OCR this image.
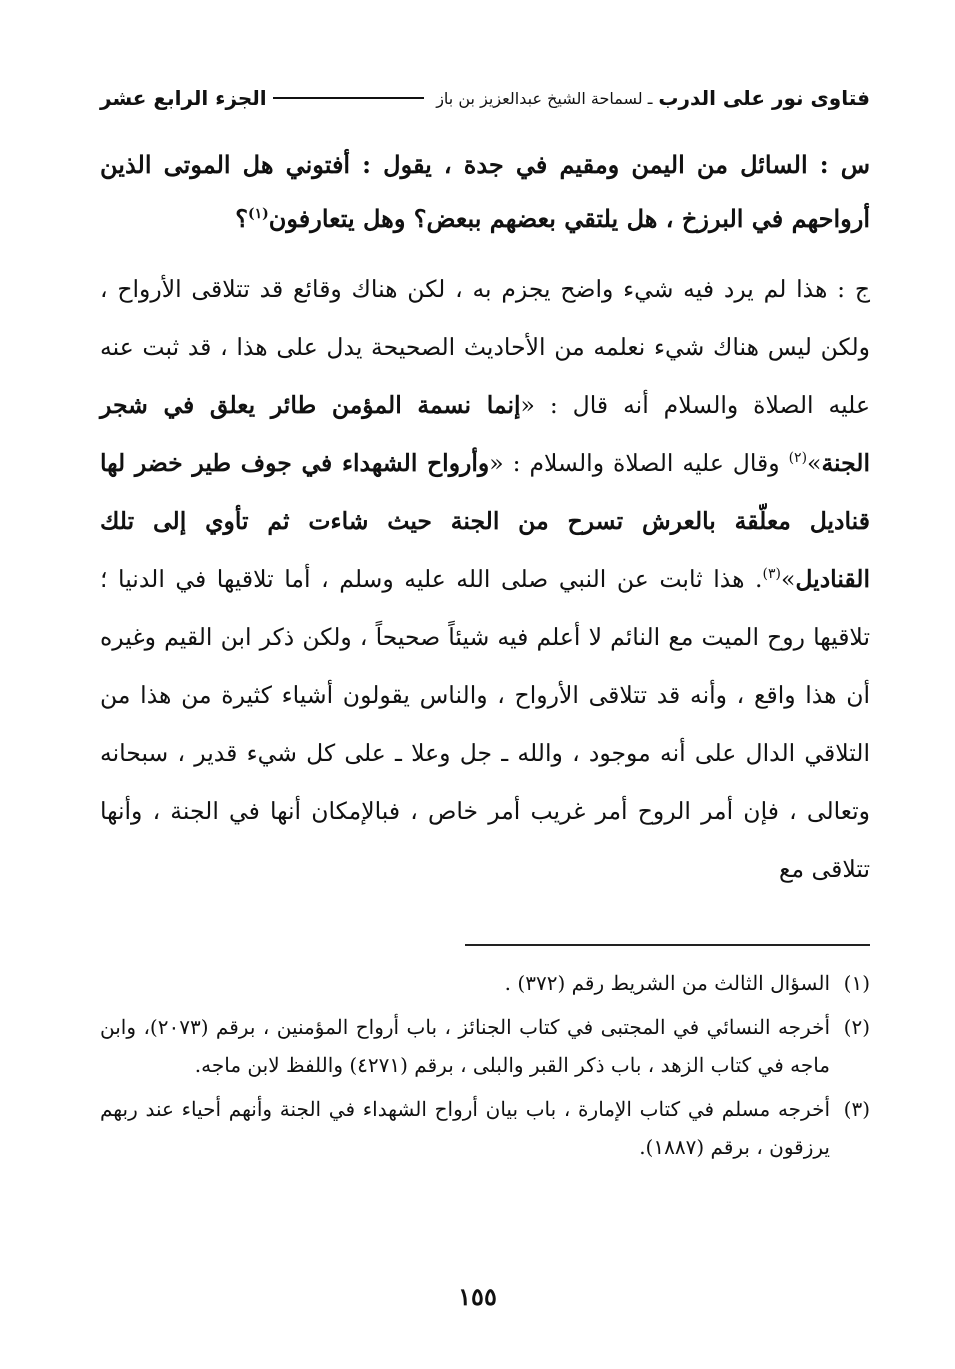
فتاوى نور على الدرب
ـ لسماحة الشيخ عبدالعزيز بن باز
الجزء الرابع عشر

س : السائل من اليمن ومقيم في جدة ، يقول : أفتوني هل الموتى الذين أرواحهم في البرزخ ، هل يلتقي بعضهم ببعض؟ وهل يتعارفون$^{(١)}$؟

ج : هذا لم يرد فيه شيء واضح يجزم به ، لكن هناك وقائع قد تتلاقى الأرواح ، ولكن ليس هناك شيء نعلمه من الأحاديث الصحيحة يدل على هذا ، قد ثبت عنه عليه الصلاة والسلام أنه قال : «إنما نسمة المؤمن طائر يعلق في شجر الجنة»$^{(٢)}$ وقال عليه الصلاة والسلام : «وأرواح الشهداء في جوف طير خضر لها قناديل معلّقة بالعرش تسرح من الجنة حيث شاءت ثم تأوي إلى تلك القناديل»$^{(٣)}$. هذا ثابت عن النبي صلى الله عليه وسلم ، أما تلاقيها في الدنيا ؛ تلاقيها روح الميت مع النائم لا أعلم فيه شيئاً صحيحاً ، ولكن ذكر ابن القيم وغيره أن هذا واقع ، وأنه قد تتلاقى الأرواح ، والناس يقولون أشياء كثيرة من هذا من التلاقي الدال على أنه موجود ، والله ـ جل وعلا ـ على كل شيء قدير ، سبحانه وتعالى ، فإن أمر الروح أمر غريب أمر خاص ، فبالإمكان أنها في الجنة ، وأنها تتلاقى مع

(١)
السؤال الثالث من الشريط رقم (٣٧٢) .
(٢)
أخرجه النسائي في المجتبى في كتاب الجنائز ، باب أرواح المؤمنين ، برقم (٢٠٧٣)، وابن ماجه في كتاب الزهد ، باب ذكر القبر والبلى ، برقم (٤٢٧١) واللفظ لابن ماجه.
(٣)
أخرجه مسلم في كتاب الإمارة ، باب بيان أرواح الشهداء في الجنة وأنهم أحياء عند ربهم يرزقون ، برقم (١٨٨٧).
١٥٥
